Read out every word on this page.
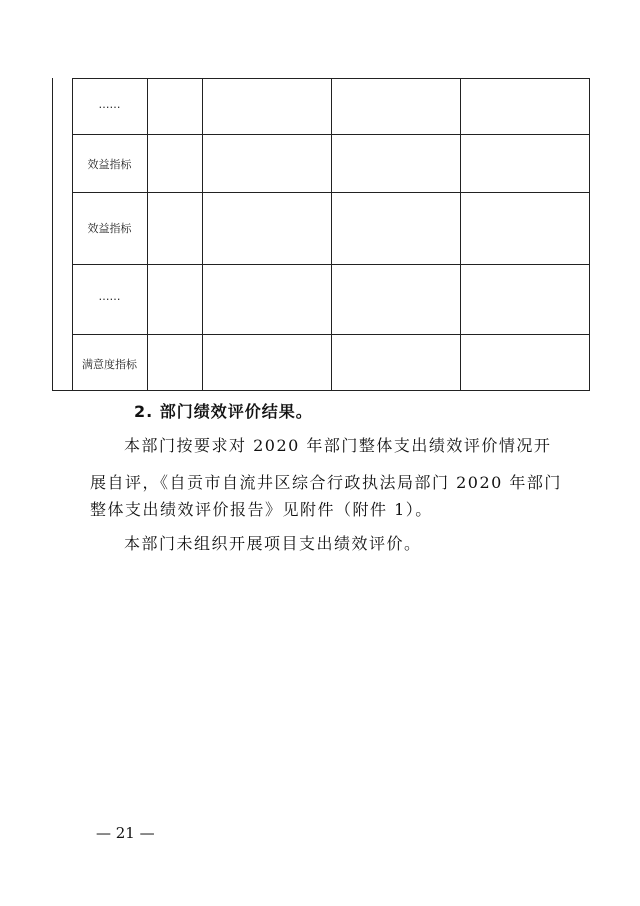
……
效益指标
效益指标
……
满意度指标
2. 部门绩效评价结果。
本部门按要求对 2020 年部门整体支出绩效评价情况开
展自评，《自贡市自流井区综合行政执法局部门 2020 年部门
整体支出绩效评价报告》见附件（附件 1）。
本部门未组织开展项目支出绩效评价。
— 21 —
